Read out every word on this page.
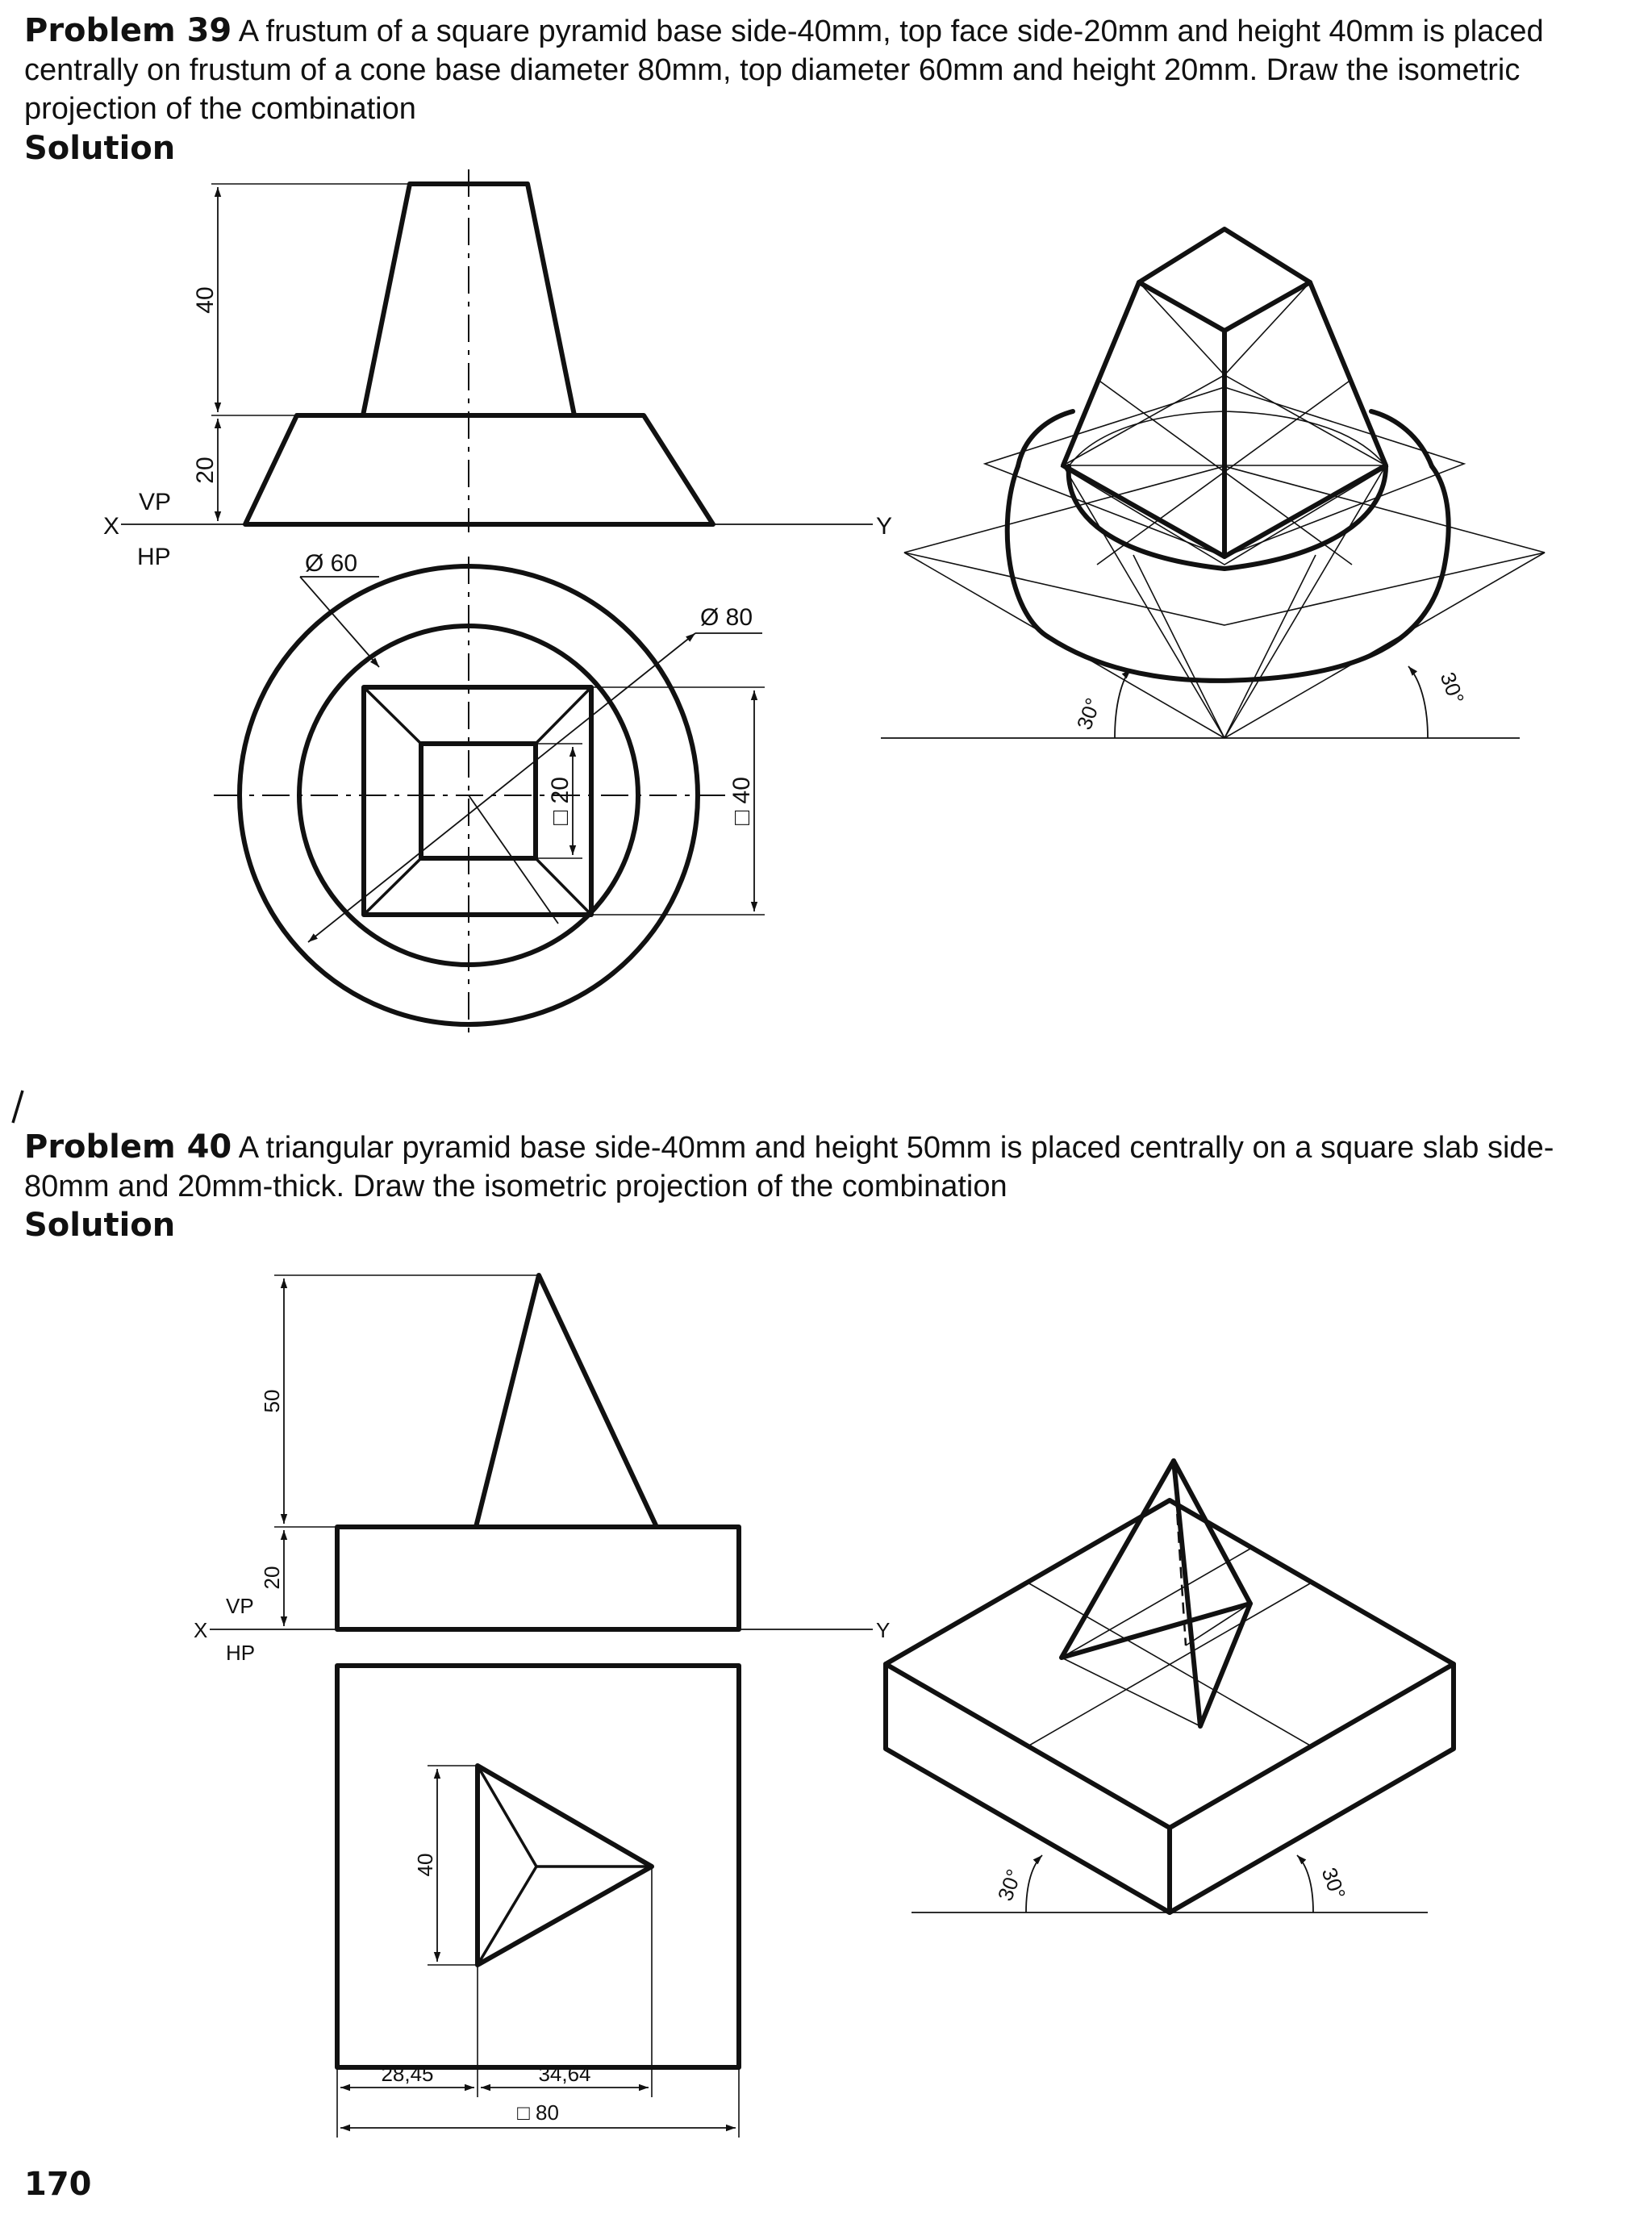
Problem 39 A frustum of a square pyramid base side-40mm, top face side-20mm and height 40mm is placed centrally on frustum of a cone base diameter 80mm, top diameter 60mm and height 20mm. Draw the isometric projection of the combination

Solution

Problem 40 A triangular pyramid base side-40mm and height 50mm is placed centrally on a square slab side-80mm and 20mm-thick. Draw the isometric projection of the combination

Solution
170
40
20
X	Y
VP
HP	Ø 60
Ø 80
□ 20	□ 40
30°
30°
50
20
X	Y
VP
HP
40
28,45	34,64
□ 80
30°	30°
